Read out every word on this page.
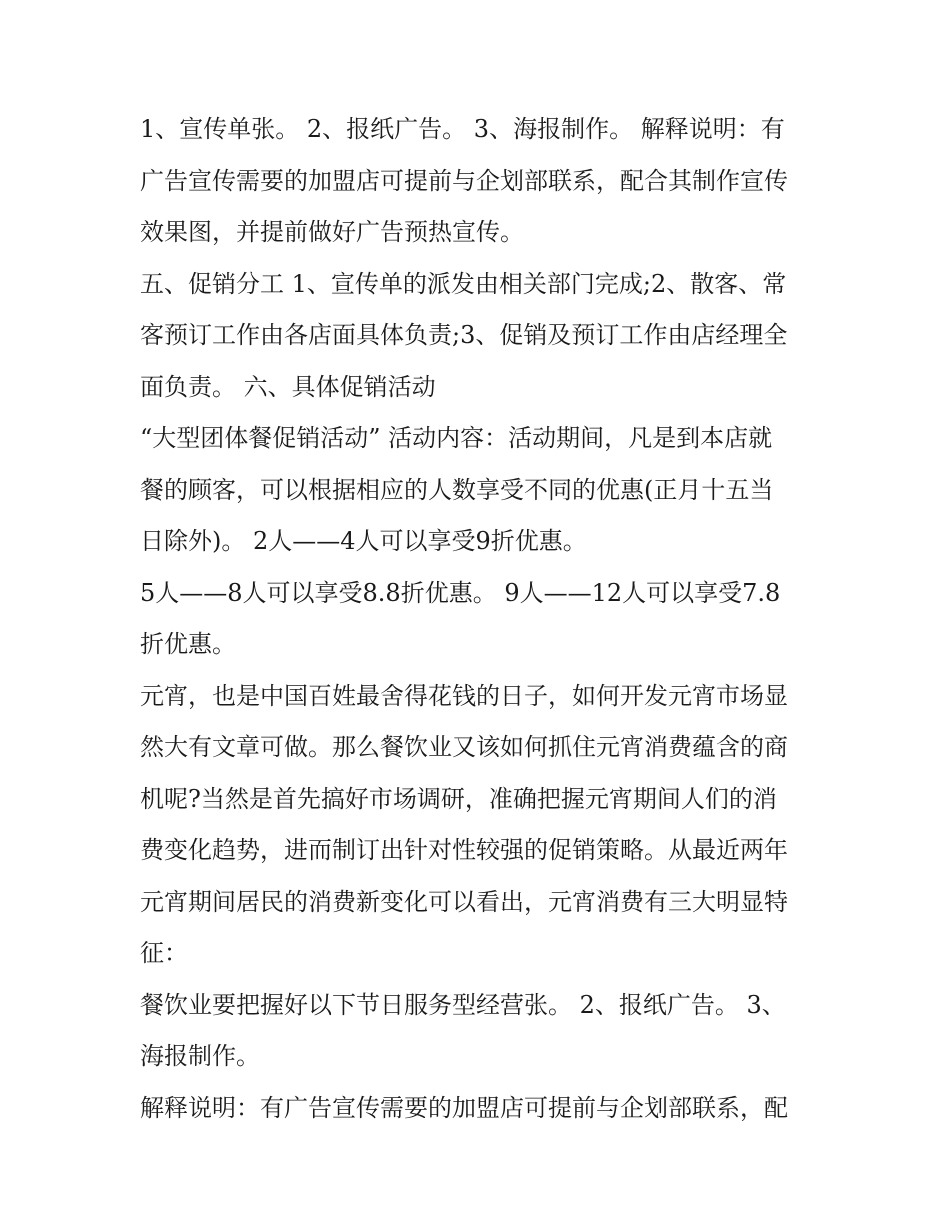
1、宣传单张。 2、报纸广告。 3、海报制作。 解释说明：有
广告宣传需要的加盟店可提前与企划部联系，配合其制作宣传
效果图，并提前做好广告预热宣传。
五、促销分工 1、宣传单的派发由相关部门完成;2、散客、常
客预订工作由各店面具体负责;3、促销及预订工作由店经理全
面负责。 六、具体促销活动
“大型团体餐促销活动” 活动内容：活动期间，凡是到本店就
餐的顾客，可以根据相应的人数享受不同的优惠(正月十五当
日除外)。 2人——4人可以享受9折优惠。
5人——8人可以享受8.8折优惠。 9人——12人可以享受7.8
折优惠。
元宵，也是中国百姓最舍得花钱的日子，如何开发元宵市场显
然大有文章可做。那么餐饮业又该如何抓住元宵消费蕴含的商
机呢?当然是首先搞好市场调研，准确把握元宵期间人们的消
费变化趋势，进而制订出针对性较强的促销策略。从最近两年
元宵期间居民的消费新变化可以看出，元宵消费有三大明显特
征：
餐饮业要把握好以下节日服务型经营张。 2、报纸广告。 3、
海报制作。
解释说明：有广告宣传需要的加盟店可提前与企划部联系，配
